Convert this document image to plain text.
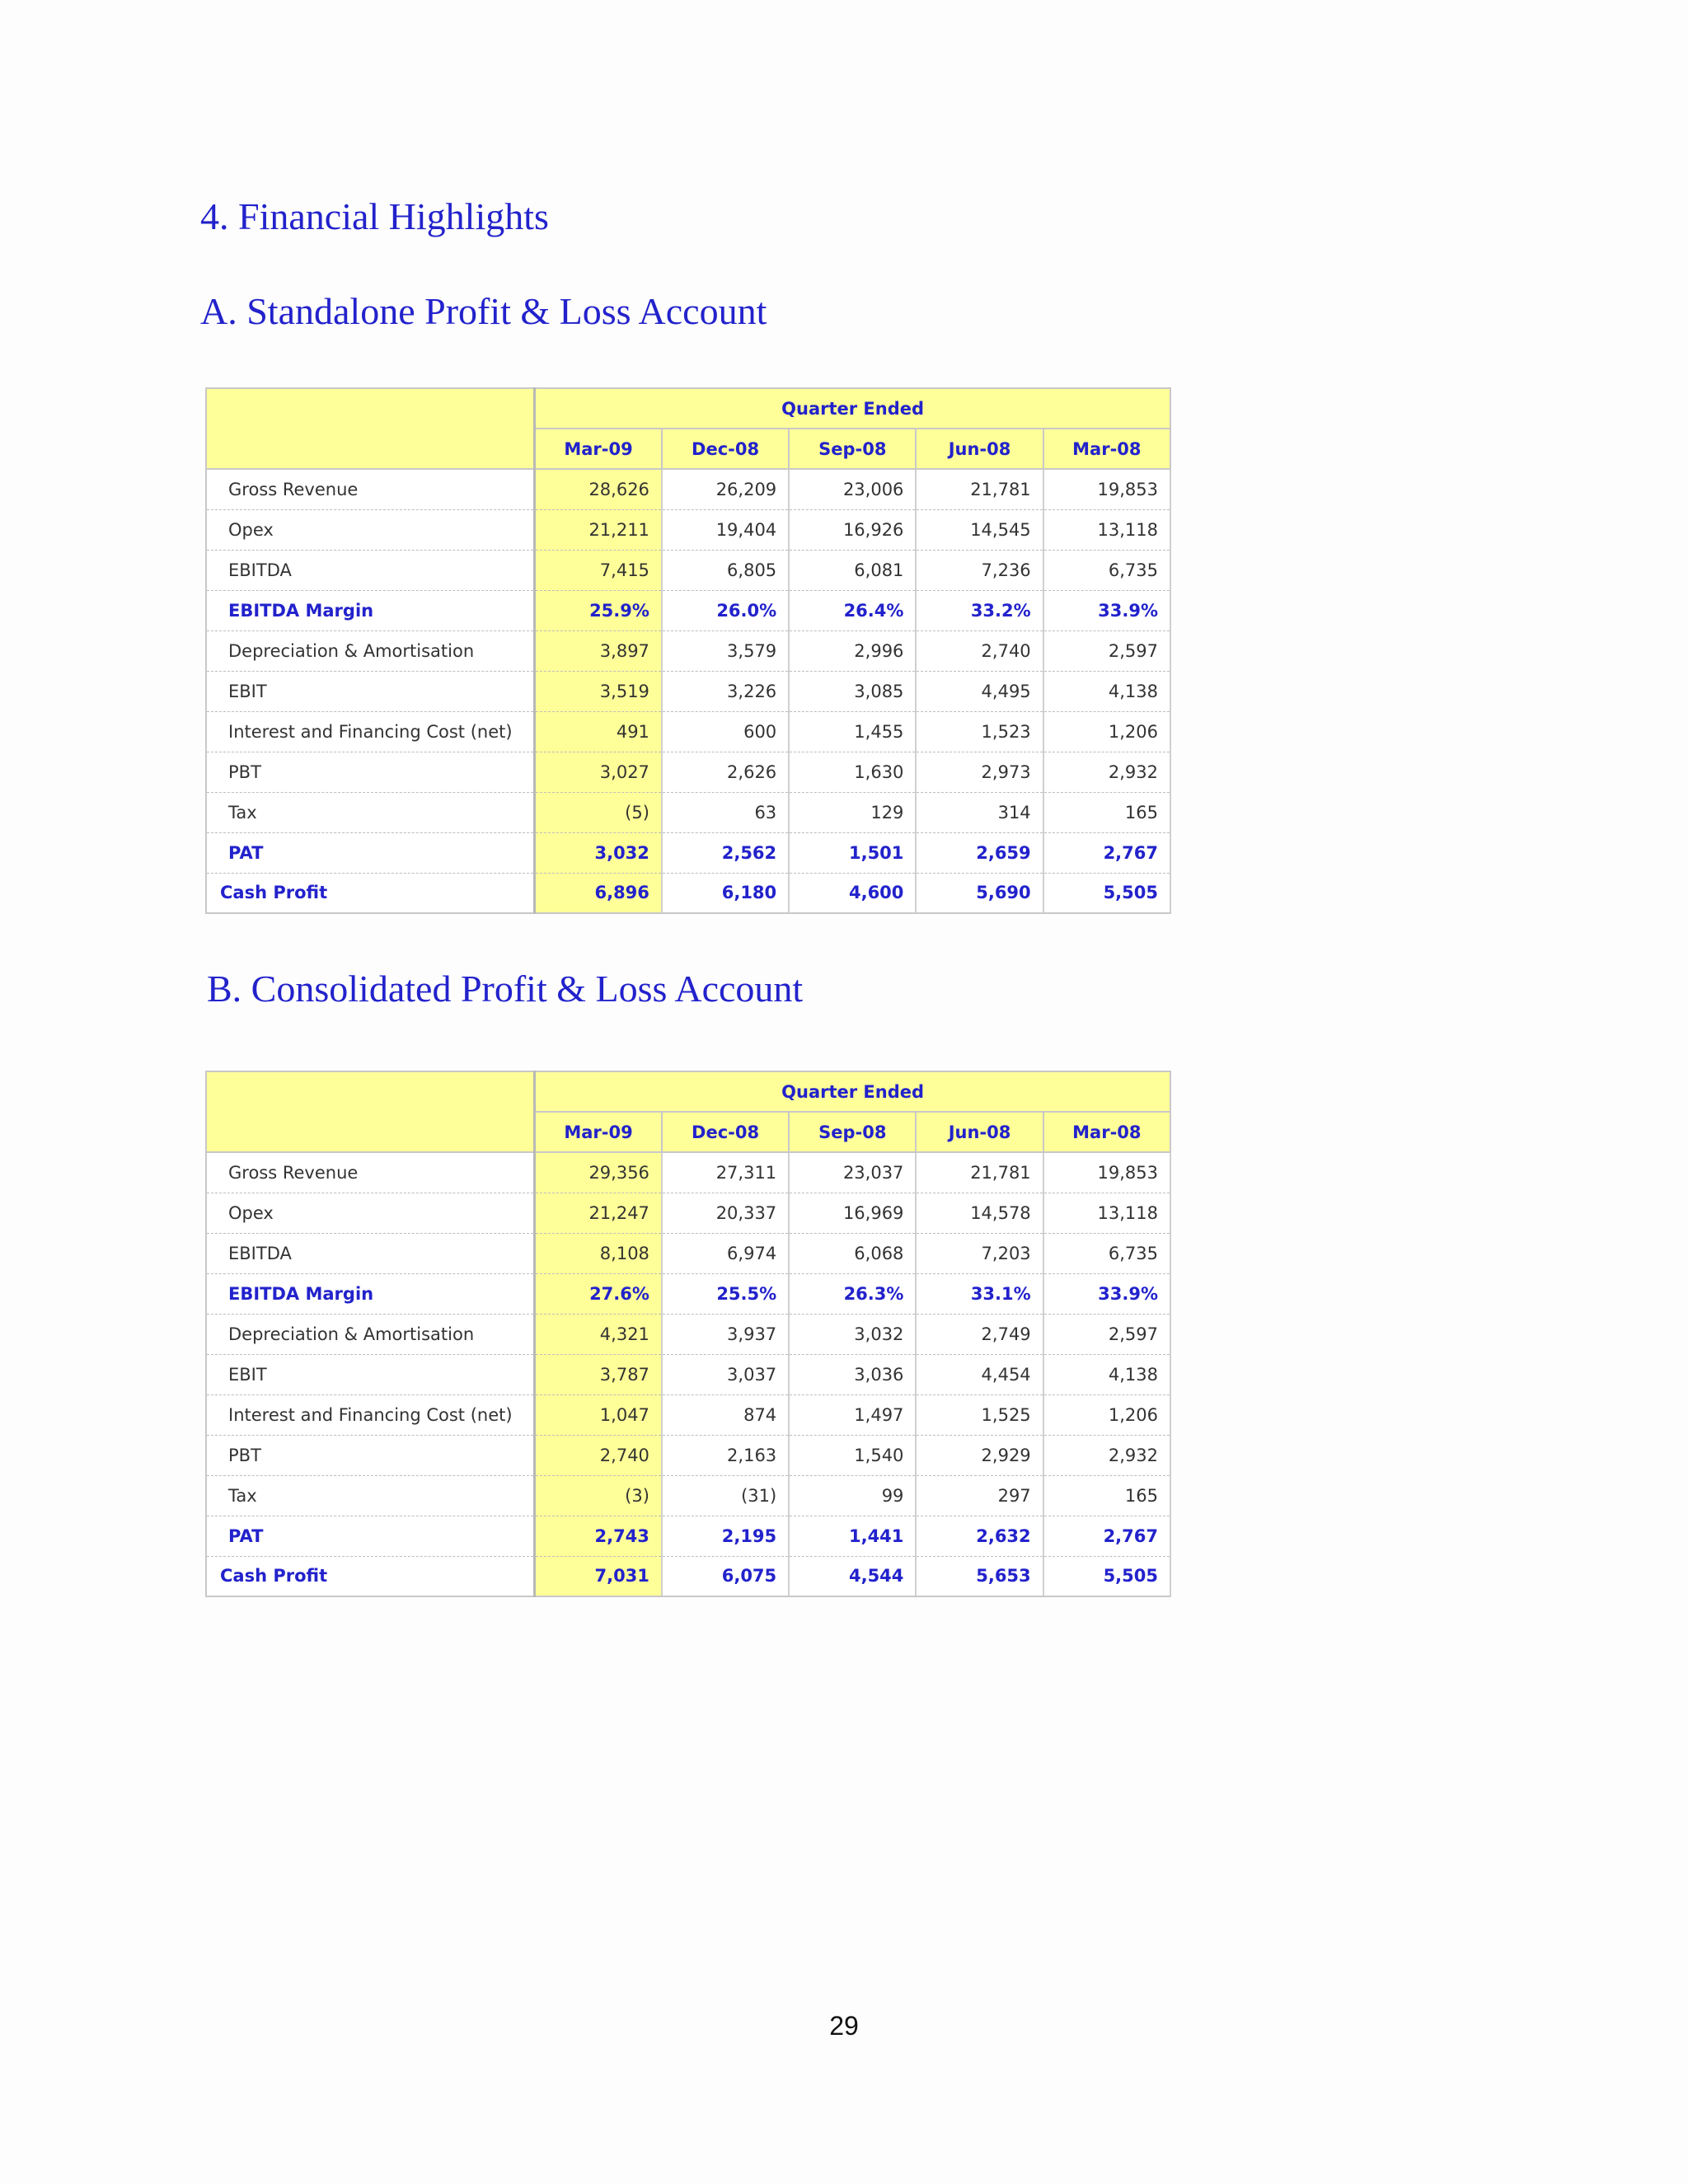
4. Financial Highlights
A. Standalone Profit & Loss Account
	Quarter Ended				
	Mar-09	Dec-08	Sep-08	Jun-08	Mar-08
Gross Revenue	28,626	26,209	23,006	21,781	19,853
Opex	21,211	19,404	16,926	14,545	13,118
EBITDA	7,415	6,805	6,081	7,236	6,735
EBITDA Margin	25.9%	26.0%	26.4%	33.2%	33.9%
Depreciation & Amortisation	3,897	3,579	2,996	2,740	2,597
EBIT	3,519	3,226	3,085	4,495	4,138
Interest and Financing Cost (net)	491	600	1,455	1,523	1,206
PBT	3,027	2,626	1,630	2,973	2,932
Tax	(5)	63	129	314	165
PAT	3,032	2,562	1,501	2,659	2,767
Cash Profit	6,896	6,180	4,600	5,690	5,505
B. Consolidated Profit & Loss Account
	Quarter Ended				
	Mar-09	Dec-08	Sep-08	Jun-08	Mar-08
Gross Revenue	29,356	27,311	23,037	21,781	19,853
Opex	21,247	20,337	16,969	14,578	13,118
EBITDA	8,108	6,974	6,068	7,203	6,735
EBITDA Margin	27.6%	25.5%	26.3%	33.1%	33.9%
Depreciation & Amortisation	4,321	3,937	3,032	2,749	2,597
EBIT	3,787	3,037	3,036	4,454	4,138
Interest and Financing Cost (net)	1,047	874	1,497	1,525	1,206
PBT	2,740	2,163	1,540	2,929	2,932
Tax	(3)	(31)	99	297	165
PAT	2,743	2,195	1,441	2,632	2,767
Cash Profit	7,031	6,075	4,544	5,653	5,505
29
